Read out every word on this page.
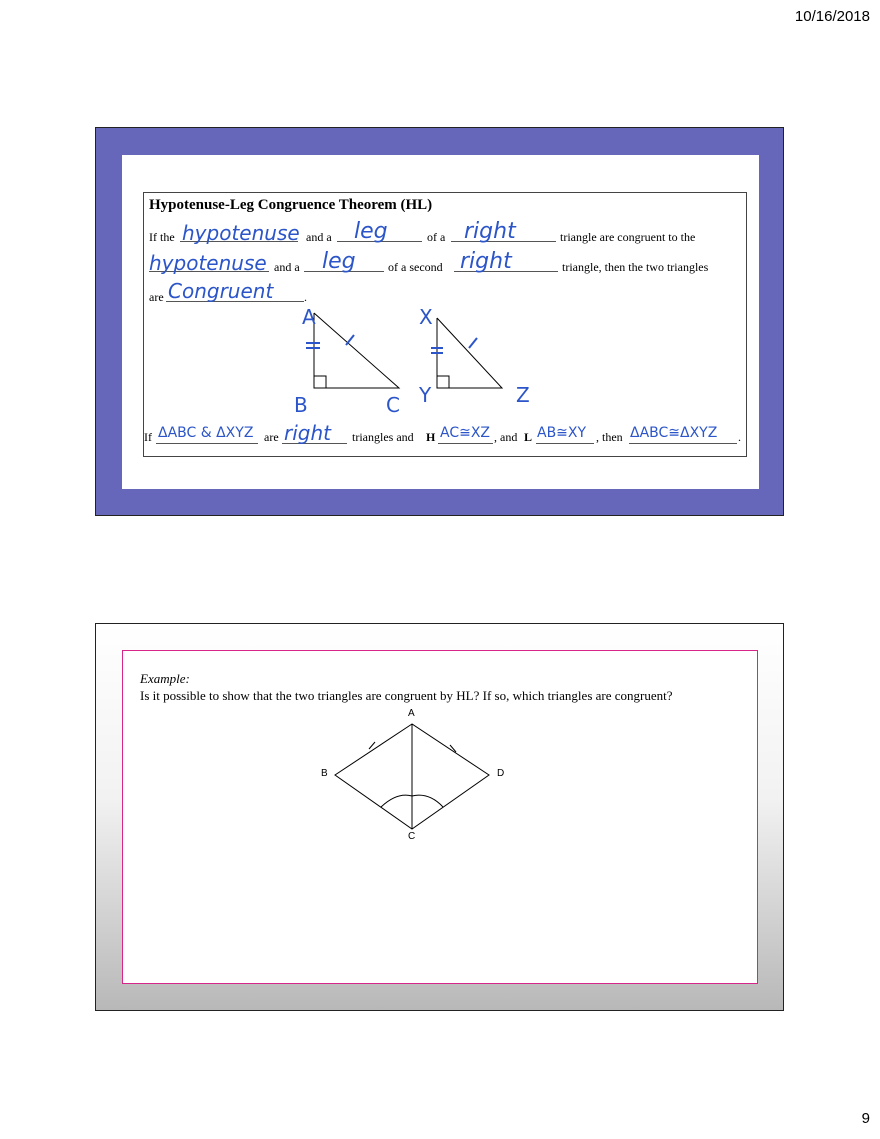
10/16/2018
Hypotenuse-Leg Congruence Theorem (HL)
If the hypotenuse and a leg	of a right	triangle are congruent to the
hypotenuse and a leg	of a second right	triangle, then the two triangles
are Congruent	.
A
B	C
X
Y	Z
If ΔABC & ΔXYZ are right triangles and H AC≅XZ , and L AB≅XY , then ΔABC≅ΔXYZ .
Example:
Is it possible to show that the two triangles are congruent by HL? If so, which triangles are congruent?
A
B
C
D
9
